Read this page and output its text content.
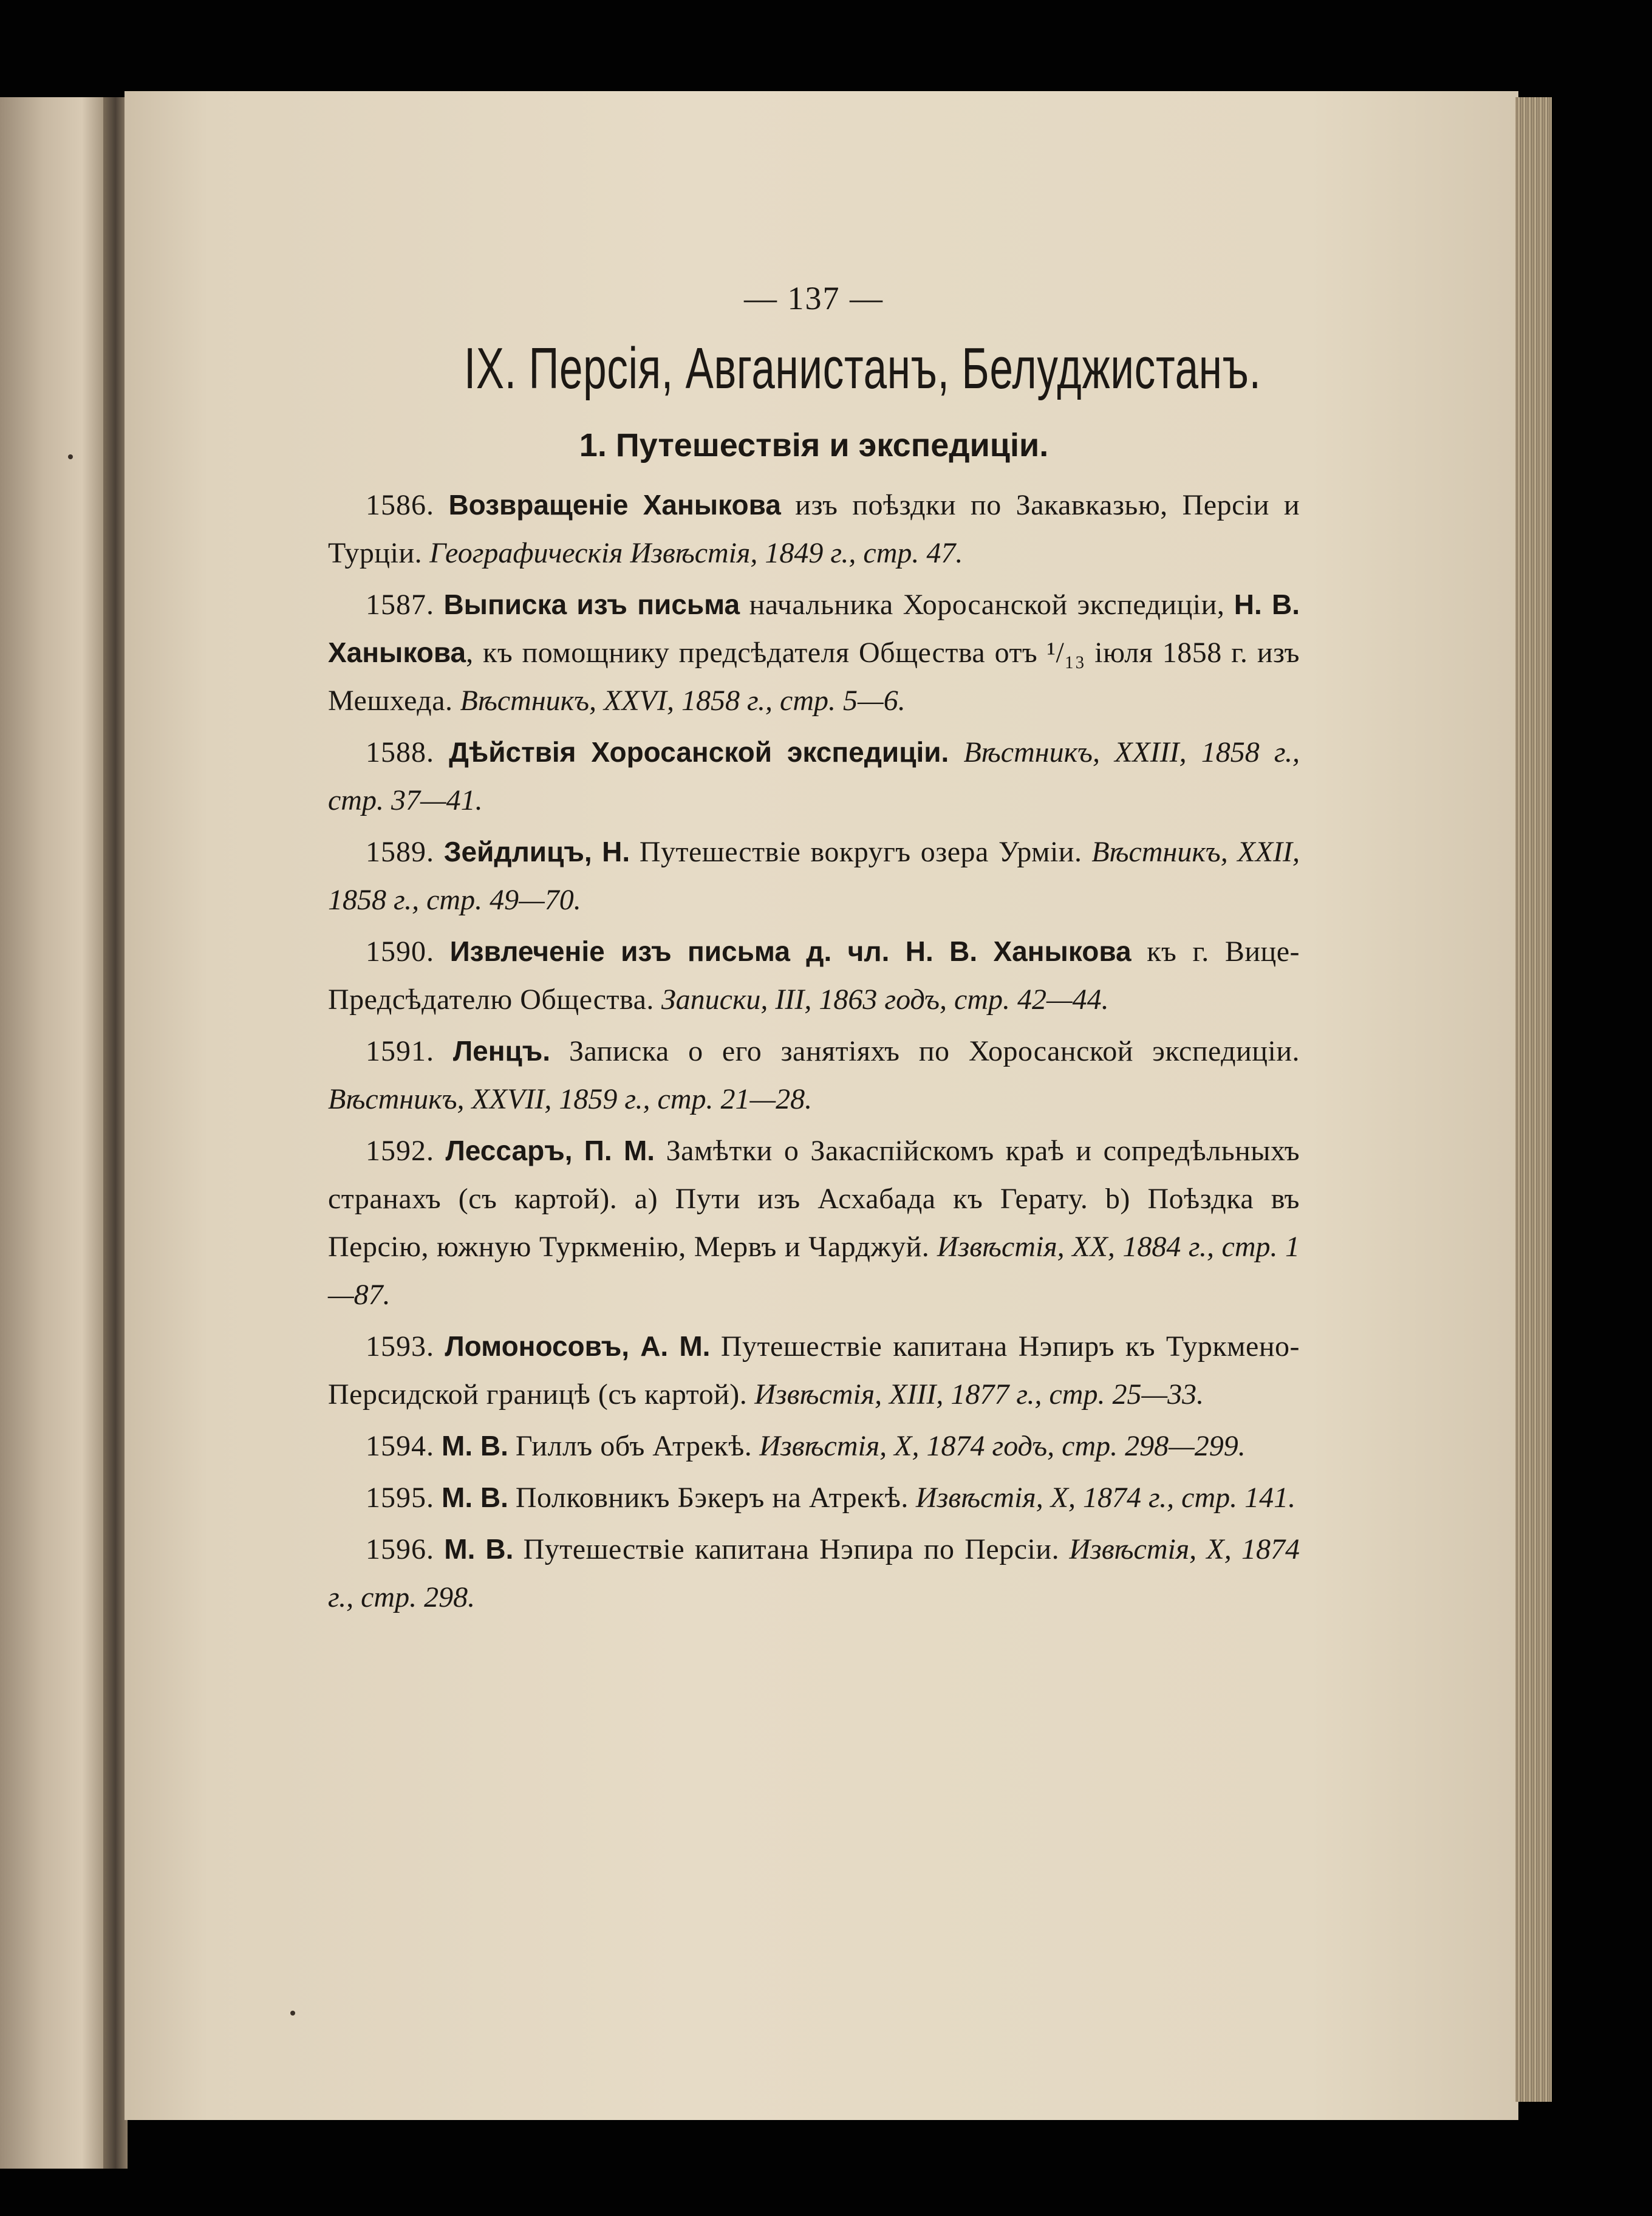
— 137 —
IX. Персія, Авганистанъ, Белуджистанъ.
1. Путешествія и экспедиціи.

1586. Возвращеніе Ханыкова изъ поѣздки по Закавказью, Персіи и Турціи. Географическія Извѣстія, 1849 г., стр. 47.

1587. Выписка изъ письма начальника Хоросанской экспедиціи, Н. В. Ханыкова, къ помощнику предсѣдателя Общества отъ ¹/₁₃ іюля 1858 г. изъ Мешхеда. Вѣстникъ, XXVI, 1858 г., стр. 5—6.

1588. Дѣйствія Хоросанской экспедиціи. Вѣстникъ, XXIII, 1858 г., стр. 37—41.

1589. Зейдлицъ, Н. Путешествіе вокругъ озера Урміи. Вѣстникъ, XXII, 1858 г., стр. 49—70.

1590. Извлеченіе изъ письма д. чл. Н. В. Ханыкова къ г. Вице-Предсѣдателю Общества. Записки, III, 1863 годъ, стр. 42—44.

1591. Ленцъ. Записка о его занятіяхъ по Хоросанской экспедиціи. Вѣстникъ, XXVII, 1859 г., стр. 21—28.

1592. Лессаръ, П. М. Замѣтки о Закаспійскомъ краѣ и сопредѣльныхъ странахъ (съ картой). a) Пути изъ Асхабада къ Герату. b) Поѣздка въ Персію, южную Туркменію, Мервъ и Чарджуй. Извѣстія, XX, 1884 г., стр. 1—87.

1593. Ломоносовъ, А. М. Путешествіе капитана Нэпиръ къ Туркмено-Персидской границѣ (съ картой). Извѣстія, XIII, 1877 г., стр. 25—33.

1594. М. В. Гиллъ объ Атрекѣ. Извѣстія, X, 1874 годъ, стр. 298—299.

1595. М. В. Полковникъ Бэкеръ на Атрекѣ. Извѣстія, X, 1874 г., стр. 141.

1596. М. В. Путешествіе капитана Нэпира по Персіи. Извѣстія, X, 1874 г., стр. 298.
